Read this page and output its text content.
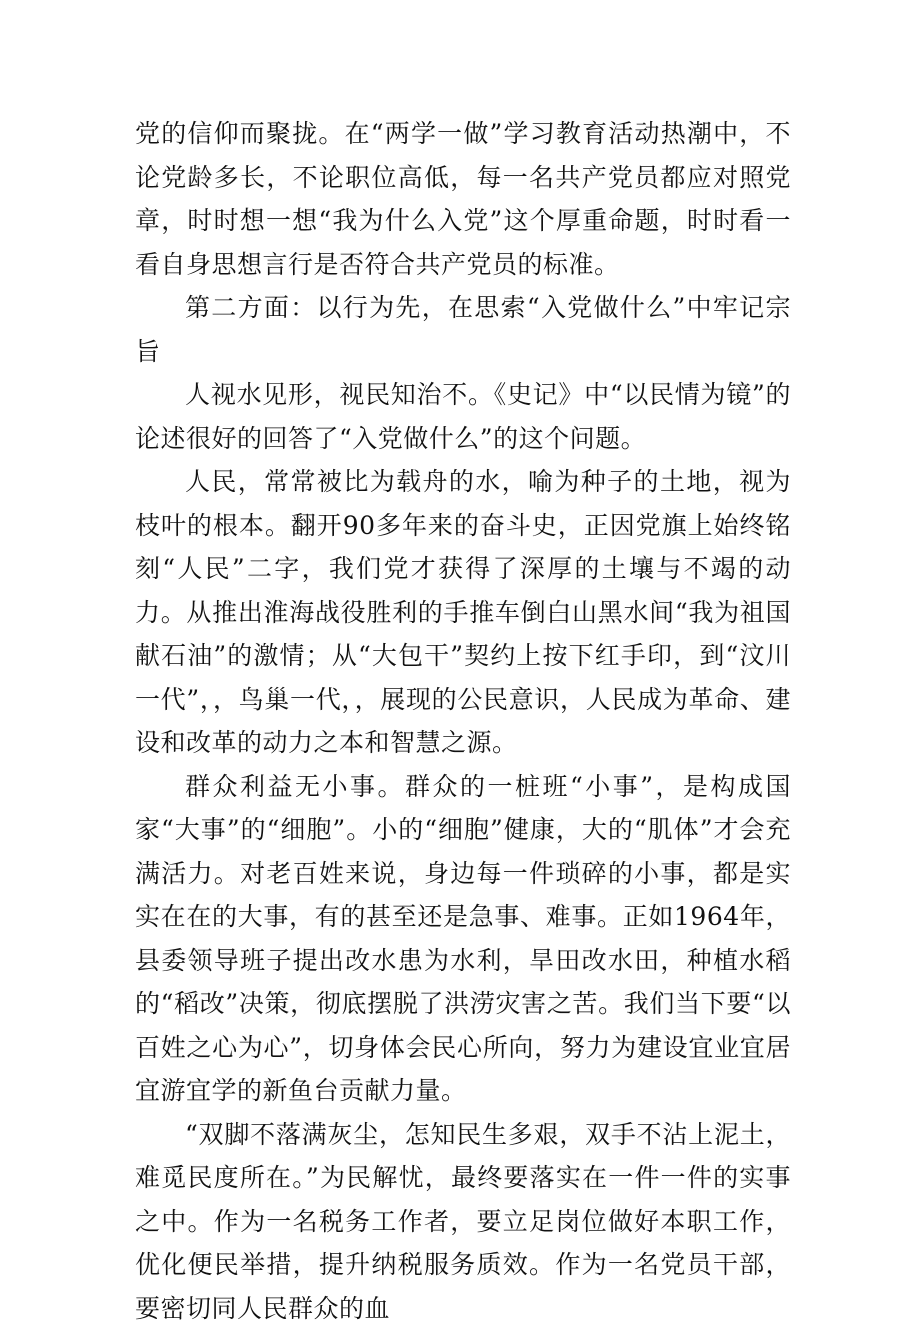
党的信仰而聚拢。在“两学一做”学习教育活动热潮中，不论党龄多长，不论职位高低，每一名共产党员都应对照党章，时时想一想“我为什么入党”这个厚重命题，时时看一看自身思想言行是否符合共产党员的标准。

第二方面：以行为先，在思索“入党做什么”中牢记宗旨

人视水见形，视民知治不。《史记》中“以民情为镜”的论述很好的回答了“入党做什么”的这个问题。

人民，常常被比为载舟的水，喻为种子的土地，视为枝叶的根本。翻开90多年来的奋斗史，正因党旗上始终铭刻“人民”二字，我们党才获得了深厚的土壤与不竭的动力。从推出淮海战役胜利的手推车倒白山黑水间“我为祖国献石油”的激情；从“大包干”契约上按下红手印，到“汶川一代”，，鸟巢一代，，展现的公民意识，人民成为革命、建设和改革的动力之本和智慧之源。

群众利益无小事。群众的一桩班“小事”，是构成国家“大事”的“细胞”。小的“细胞”健康，大的“肌体”才会充满活力。对老百姓来说，身边每一件琐碎的小事，都是实实在在的大事，有的甚至还是急事、难事。正如1964年，县委领导班子提出改水患为水利，旱田改水田，种植水稻的“稻改”决策，彻底摆脱了洪涝灾害之苦。我们当下要“以百姓之心为心”，切身体会民心所向，努力为建设宜业宜居宜游宜学的新鱼台贡献力量。

“双脚不落满灰尘，怎知民生多艰，双手不沾上泥土，难觅民度所在。”为民解忧，最终要落实在一件一件的实事之中。作为一名税务工作者，要立足岗位做好本职工作，优化便民举措，提升纳税服务质效。作为一名党员干部，要密切同人民群众的血
